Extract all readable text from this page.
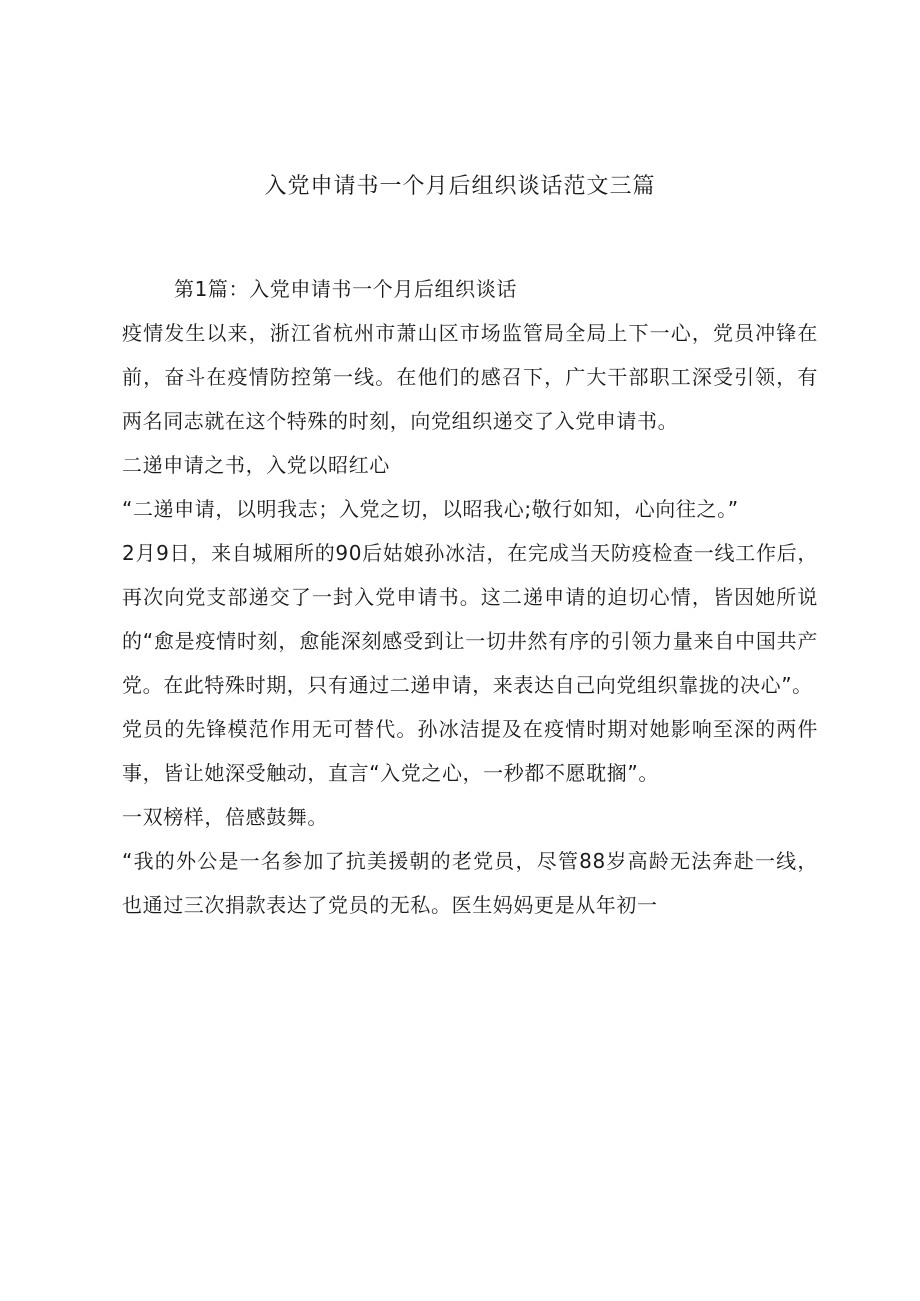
入党申请书一个月后组织谈话范文三篇

第1篇：入党申请书一个月后组织谈话

疫情发生以来，浙江省杭州市萧山区市场监管局全局上下一心，党员冲锋在前，奋斗在疫情防控第一线。在他们的感召下，广大干部职工深受引领，有两名同志就在这个特殊的时刻，向党组织递交了入党申请书。

二递申请之书，入党以昭红心

“二递申请，以明我志；入党之切，以昭我心;敬行如知，心向往之。”

2月9日，来自城厢所的90后姑娘孙冰洁，在完成当天防疫检查一线工作后，再次向党支部递交了一封入党申请书。这二递申请的迫切心情，皆因她所说的“愈是疫情时刻，愈能深刻感受到让一切井然有序的引领力量来自中国共产党。在此特殊时期，只有通过二递申请，来表达自己向党组织靠拢的决心”。

党员的先锋模范作用无可替代。孙冰洁提及在疫情时期对她影响至深的两件事，皆让她深受触动，直言“入党之心，一秒都不愿耽搁”。

一双榜样，倍感鼓舞。

“我的外公是一名参加了抗美援朝的老党员，尽管88岁高龄无法奔赴一线，也通过三次捐款表达了党员的无私。医生妈妈更是从年初一
